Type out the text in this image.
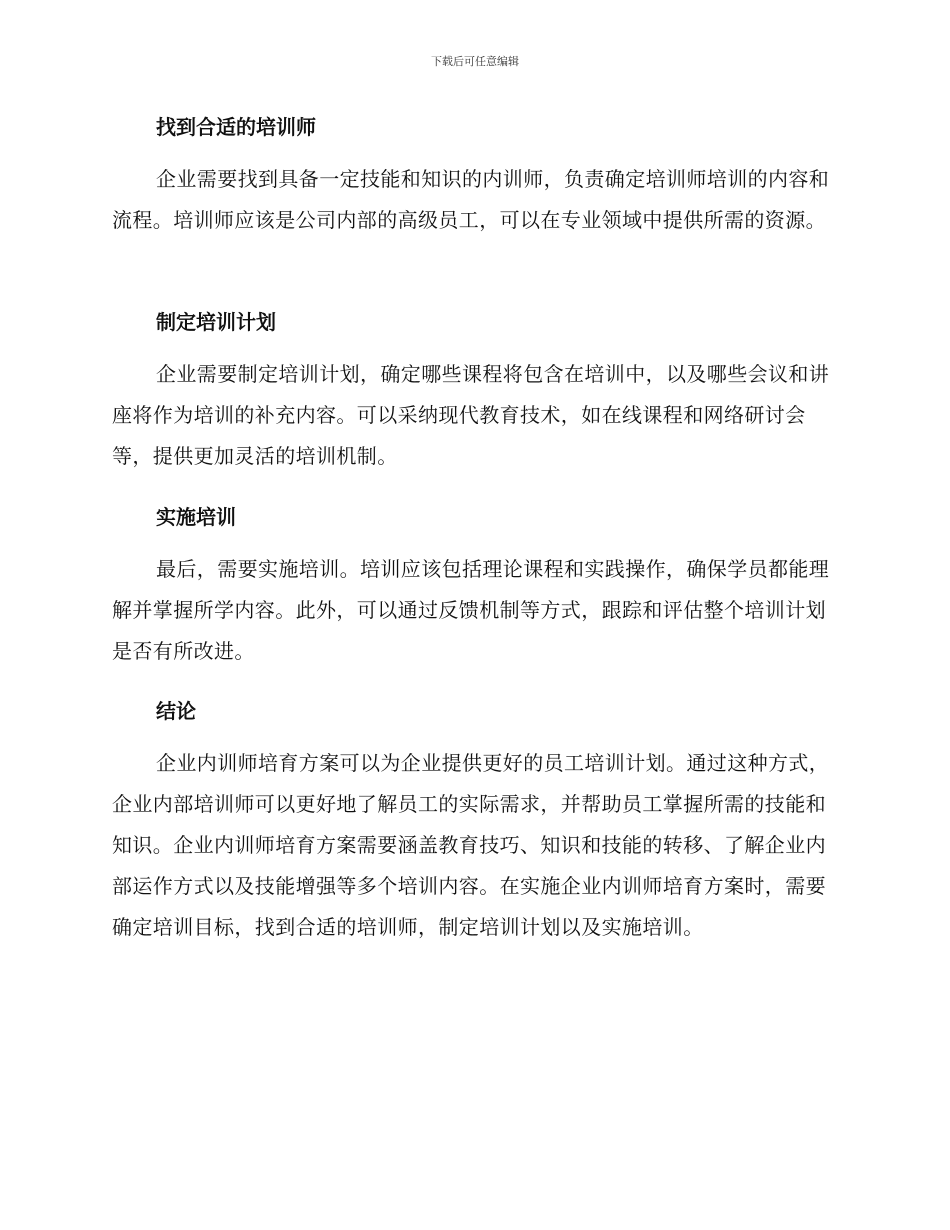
下载后可任意编辑
找到合适的培训师

企业需要找到具备一定技能和知识的内训师，负责确定培训师培训的内容和流程。培训师应该是公司内部的高级员工，可以在专业领域中提供所需的资源。

制定培训计划

企业需要制定培训计划，确定哪些课程将包含在培训中，以及哪些会议和讲座将作为培训的补充内容。可以采纳现代教育技术，如在线课程和网络研讨会等，提供更加灵活的培训机制。

实施培训

最后，需要实施培训。培训应该包括理论课程和实践操作，确保学员都能理解并掌握所学内容。此外，可以通过反馈机制等方式，跟踪和评估整个培训计划是否有所改进。

结论

企业内训师培育方案可以为企业提供更好的员工培训计划。通过这种方式，企业内部培训师可以更好地了解员工的实际需求，并帮助员工掌握所需的技能和知识。企业内训师培育方案需要涵盖教育技巧、知识和技能的转移、了解企业内部运作方式以及技能增强等多个培训内容。在实施企业内训师培育方案时，需要确定培训目标，找到合适的培训师，制定培训计划以及实施培训。
